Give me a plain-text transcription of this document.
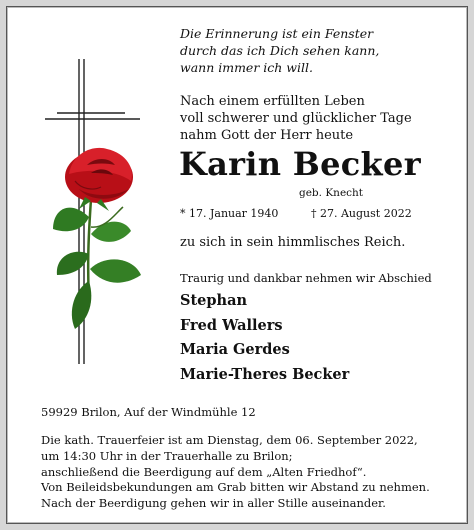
Die Erinnerung ist ein Fenster
durch das ich Dich sehen kann,
wann immer ich will.
Nach einem erfüllten Leben
voll schwerer und glücklicher Tage
nahm Gott der Herr heute
Karin Becker
geb. Knecht
* 17. Januar 1940	† 27. August 2022
zu sich in sein himmlisches Reich.
Traurig und dankbar nehmen wir Abschied
Stephan
Fred Wallers
Maria Gerdes
Marie-Theres Becker
59929 Brilon, Auf der Windmühle 12
Die kath. Trauerfeier ist am Dienstag, dem 06. September 2022,
um 14:30 Uhr in der Trauerhalle zu Brilon;
anschließend die Beerdigung auf dem „Alten Friedhof“.
Von Beileidsbekundungen am Grab bitten wir Abstand zu nehmen.
Nach der Beerdigung gehen wir in aller Stille auseinander.
